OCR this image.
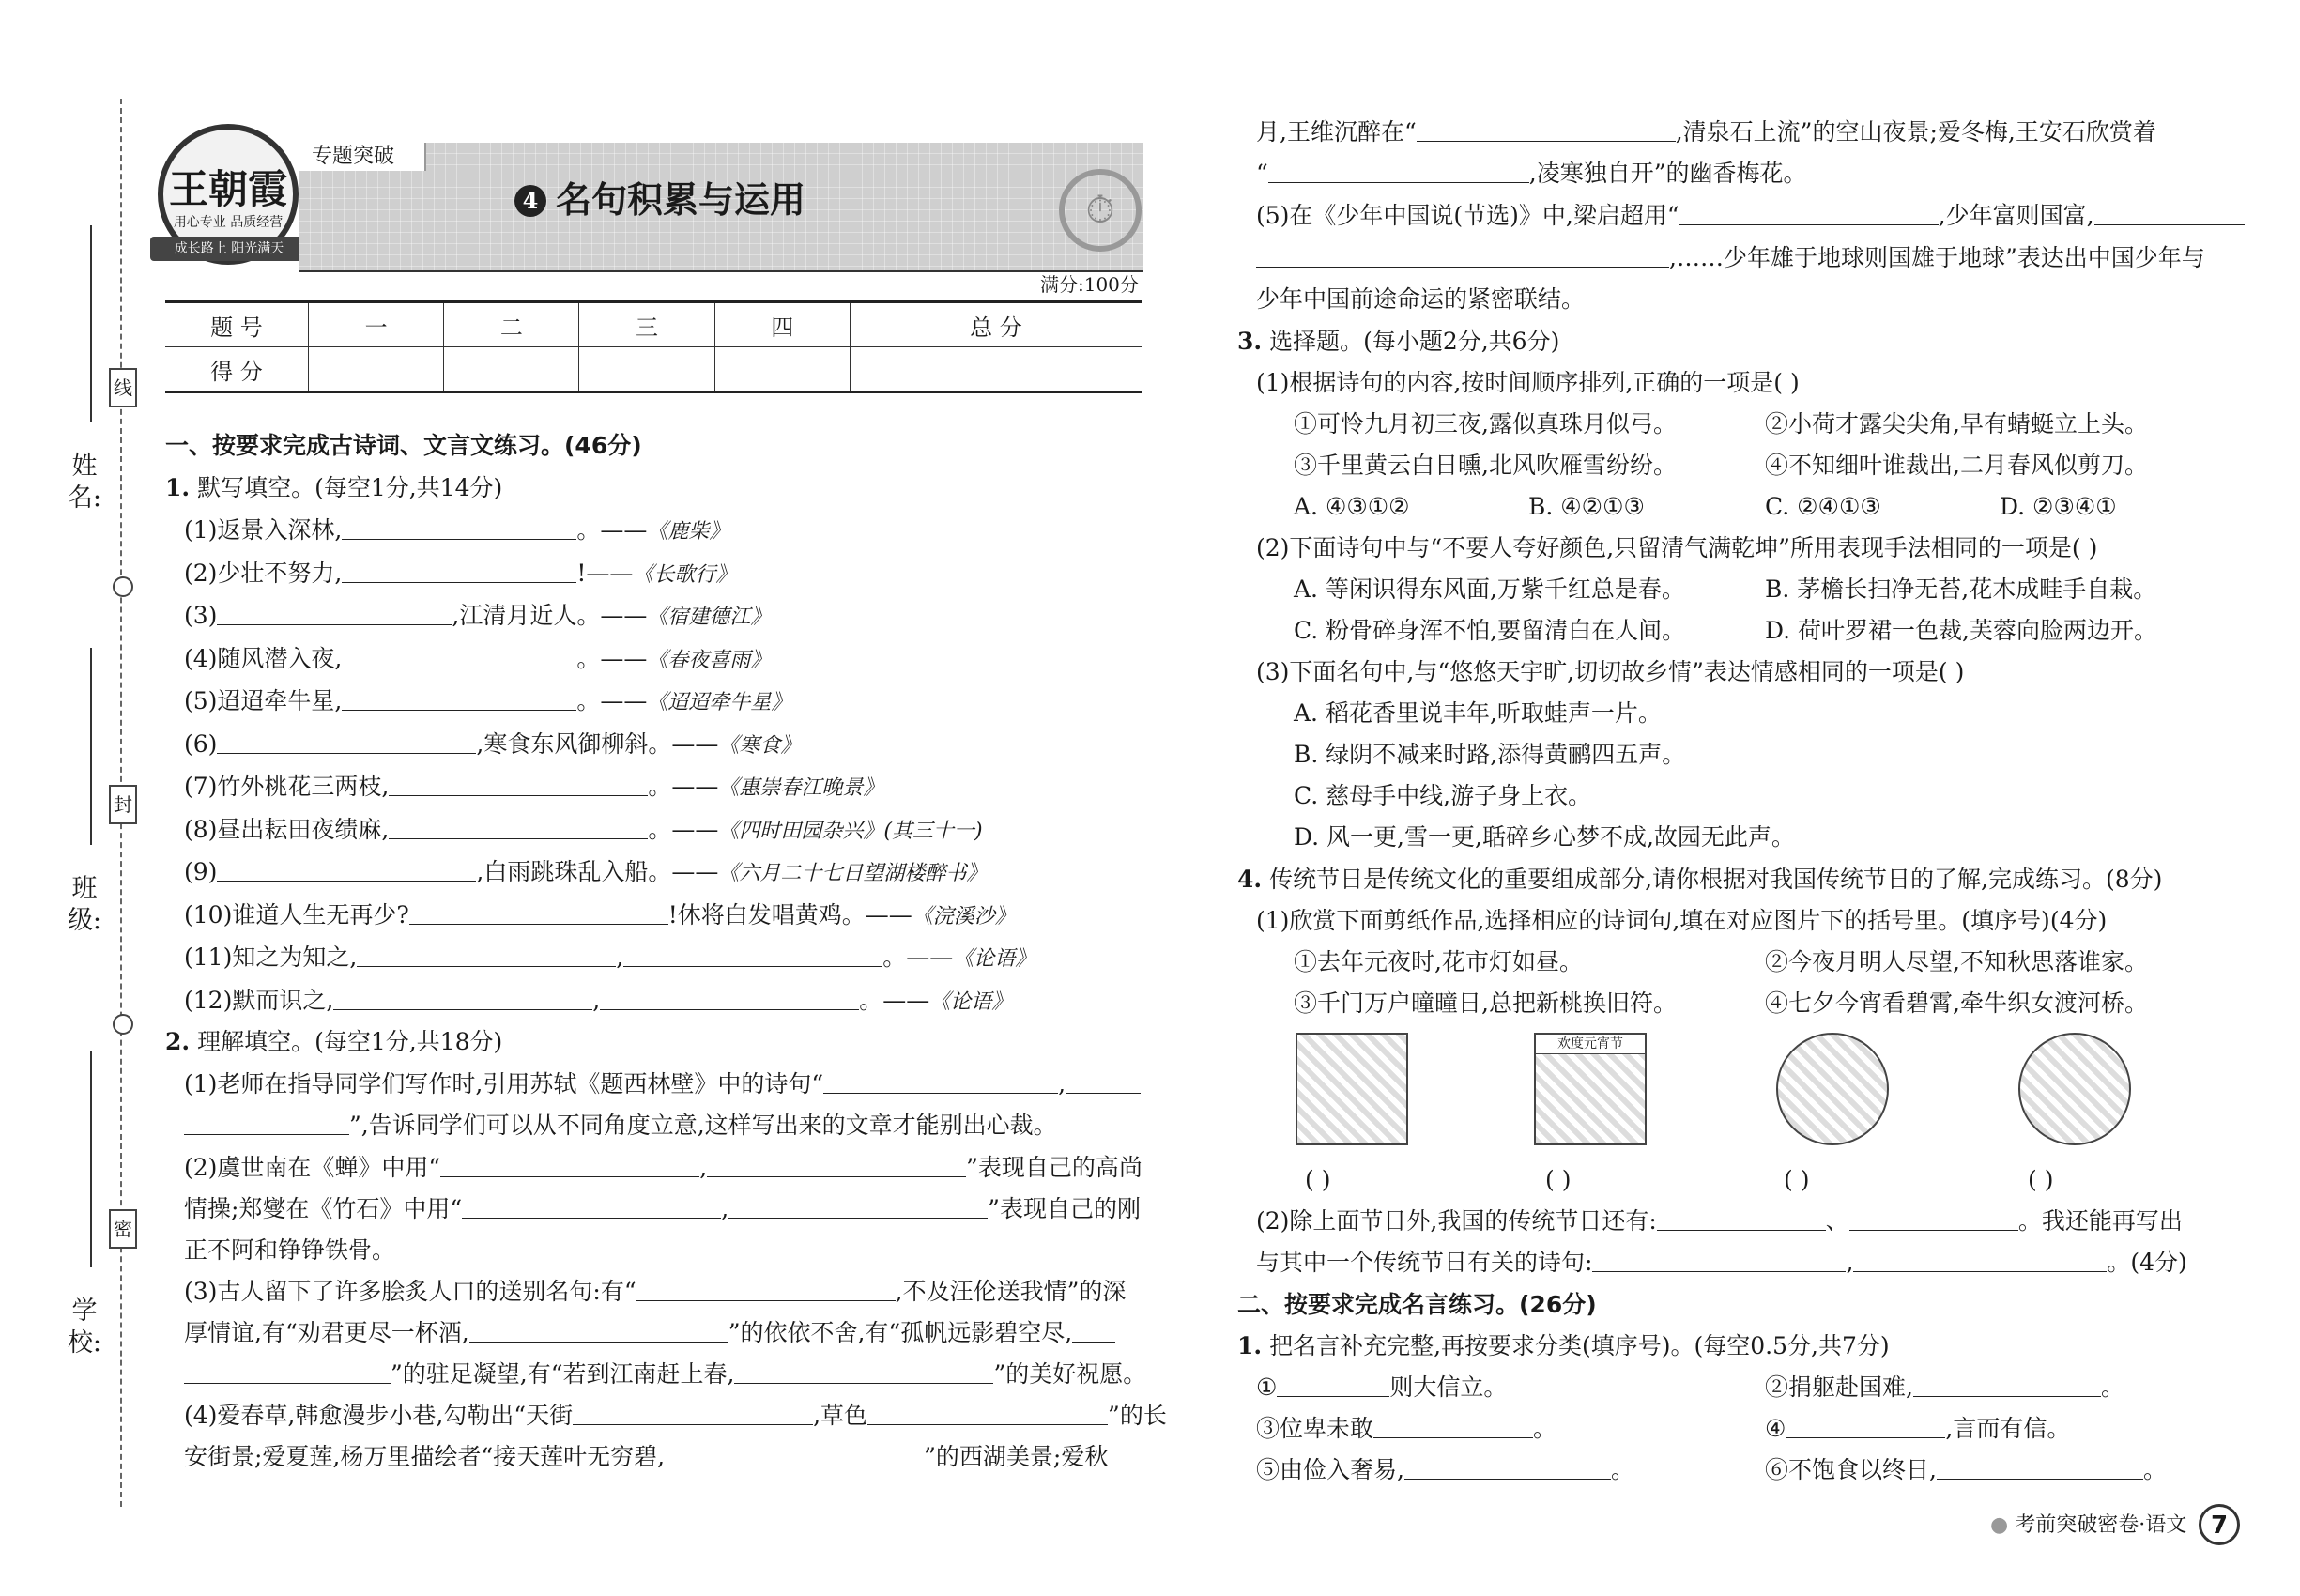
姓 名:
班 级:
学 校:
线
封
密
王朝霞
用心专业 品质经营
成长路上 阳光满天
专题突破
4 名句积累与运用	⏱
满分:100分
题 号	一	二	三	四	总 分
得 分					
一、按要求完成古诗词、文言文练习。(46分)
1. 默写填空。(每空1分,共14分)
(1)返景入深林,	。——《鹿柴》
(2)少壮不努力,	!——《长歌行》
(3)	,江清月近人。——《宿建德江》
(4)随风潜入夜,	。——《春夜喜雨》
(5)迢迢牵牛星,	。——《迢迢牵牛星》
(6)	,寒食东风御柳斜。——《寒食》
(7)竹外桃花三两枝,	。——《惠崇春江晚景》
(8)昼出耘田夜绩麻,	。——《四时田园杂兴》(其三十一)
(9)	,白雨跳珠乱入船。——《六月二十七日望湖楼醉书》
(10)谁道人生无再少?	!休将白发唱黄鸡。——《浣溪沙》
(11)知之为知之,	,	。——《论语》
(12)默而识之,	,	。——《论语》
2. 理解填空。(每空1分,共18分)
(1)老师在指导同学们写作时,引用苏轼《题西林壁》中的诗句“	,
”,告诉同学们可以从不同角度立意,这样写出来的文章才能别出心裁。
(2)虞世南在《蝉》中用“	,	”表现自己的高尚
情操;郑燮在《竹石》中用“	,	”表现自己的刚
正不阿和铮铮铁骨。
(3)古人留下了许多脍炙人口的送别名句:有“	,不及汪伦送我情”的深
厚情谊,有“劝君更尽一杯酒,	”的依依不舍,有“孤帆远影碧空尽,
”的驻足凝望,有“若到江南赶上春,	”的美好祝愿。
(4)爱春草,韩愈漫步小巷,勾勒出“天街	,草色	”的长
安街景;爱夏莲,杨万里描绘者“接天莲叶无穷碧,	”的西湖美景;爱秋
月,王维沉醉在“	,清泉石上流”的空山夜景;爱冬梅,王安石欣赏着
“	,凌寒独自开”的幽香梅花。
(5)在《少年中国说(节选)》中,梁启超用“	,少年富则国富,
,……少年雄于地球则国雄于地球”表达出中国少年与
少年中国前途命运的紧密联结。
3. 选择题。(每小题2分,共6分)
(1)根据诗句的内容,按时间顺序排列,正确的一项是( )
①可怜九月初三夜,露似真珠月似弓。	②小荷才露尖尖角,早有蜻蜓立上头。
③千里黄云白日曛,北风吹雁雪纷纷。	④不知细叶谁裁出,二月春风似剪刀。
A. ④③①②	B. ④②①③	C. ②④①③	D. ②③④①
(2)下面诗句中与“不要人夸好颜色,只留清气满乾坤”所用表现手法相同的一项是( )
A. 等闲识得东风面,万紫千红总是春。	B. 茅檐长扫净无苔,花木成畦手自栽。
C. 粉骨碎身浑不怕,要留清白在人间。	D. 荷叶罗裙一色裁,芙蓉向脸两边开。
(3)下面名句中,与“悠悠天宇旷,切切故乡情”表达情感相同的一项是( )
A. 稻花香里说丰年,听取蛙声一片。
B. 绿阴不减来时路,添得黄鹂四五声。
C. 慈母手中线,游子身上衣。
D. 风一更,雪一更,聒碎乡心梦不成,故园无此声。
4. 传统节日是传统文化的重要组成部分,请你根据对我国传统节日的了解,完成练习。(8分)
(1)欣赏下面剪纸作品,选择相应的诗词句,填在对应图片下的括号里。(填序号)(4分)
①去年元夜时,花市灯如昼。	②今夜月明人尽望,不知秋思落谁家。
③千门万户曈曈日,总把新桃换旧符。	④七夕今宵看碧霄,牵牛织女渡河桥。
欢度元宵节
( )	( )	( )	( )
(2)除上面节日外,我国的传统节日还有:	、	。我还能再写出
与其中一个传统节日有关的诗句:	,	。(4分)
二、按要求完成名言练习。(26分)
1. 把名言补充完整,再按要求分类(填序号)。(每空0.5分,共7分)
①	则大信立。	②捐躯赴国难,	。
③位卑未敢	。	④	,言而有信。
⑤由俭入奢易,	。	⑥不饱食以终日,	。
● 考前突破密卷·语文 7
